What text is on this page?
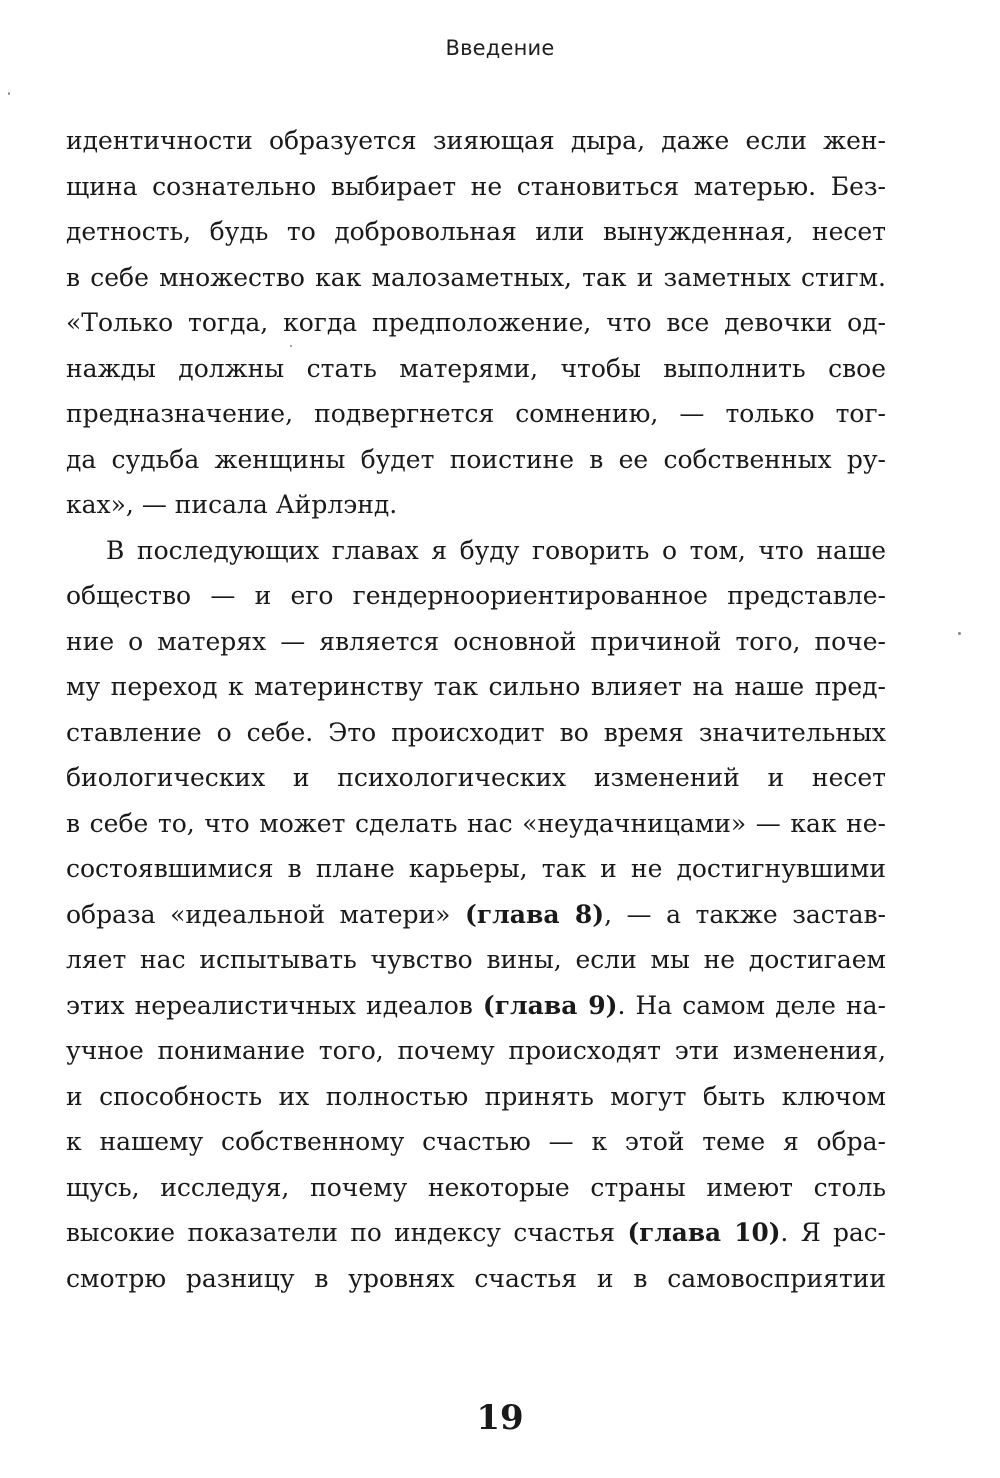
Введение
идентичности образуется зияющая дыра, даже если жен-
щина сознательно выбирает не становиться матерью. Без-
детность, будь то добровольная или вынужденная, несет
в себе множество как малозаметных, так и заметных стигм.
«Только тогда, когда предположение, что все девочки од-
нажды должны стать матерями, чтобы выполнить свое
предназначение, подвергнется сомнению, — только тог-
да судьба женщины будет поистине в ее собственных ру-
ках», — писала Айрлэнд.
В последующих главах я буду говорить о том, что наше
общество — и его гендерноориентированное представле-
ние о матерях — является основной причиной того, поче-
му переход к материнству так сильно влияет на наше пред-
ставление о себе. Это происходит во время значительных
биологических и психологических изменений и несет
в себе то, что может сделать нас «неудачницами» — как не-
состоявшимися в плане карьеры, так и не достигнувшими
образа «идеальной матери» (глава 8), — а также застав-
ляет нас испытывать чувство вины, если мы не достигаем
этих нереалистичных идеалов (глава 9). На самом деле на-
учное понимание того, почему происходят эти изменения,
и способность их полностью принять могут быть ключом
к нашему собственному счастью — к этой теме я обра-
щусь, исследуя, почему некоторые страны имеют столь
высокие показатели по индексу счастья (глава 10). Я рас-
смотрю разницу в уровнях счастья и в самовосприятии
19
